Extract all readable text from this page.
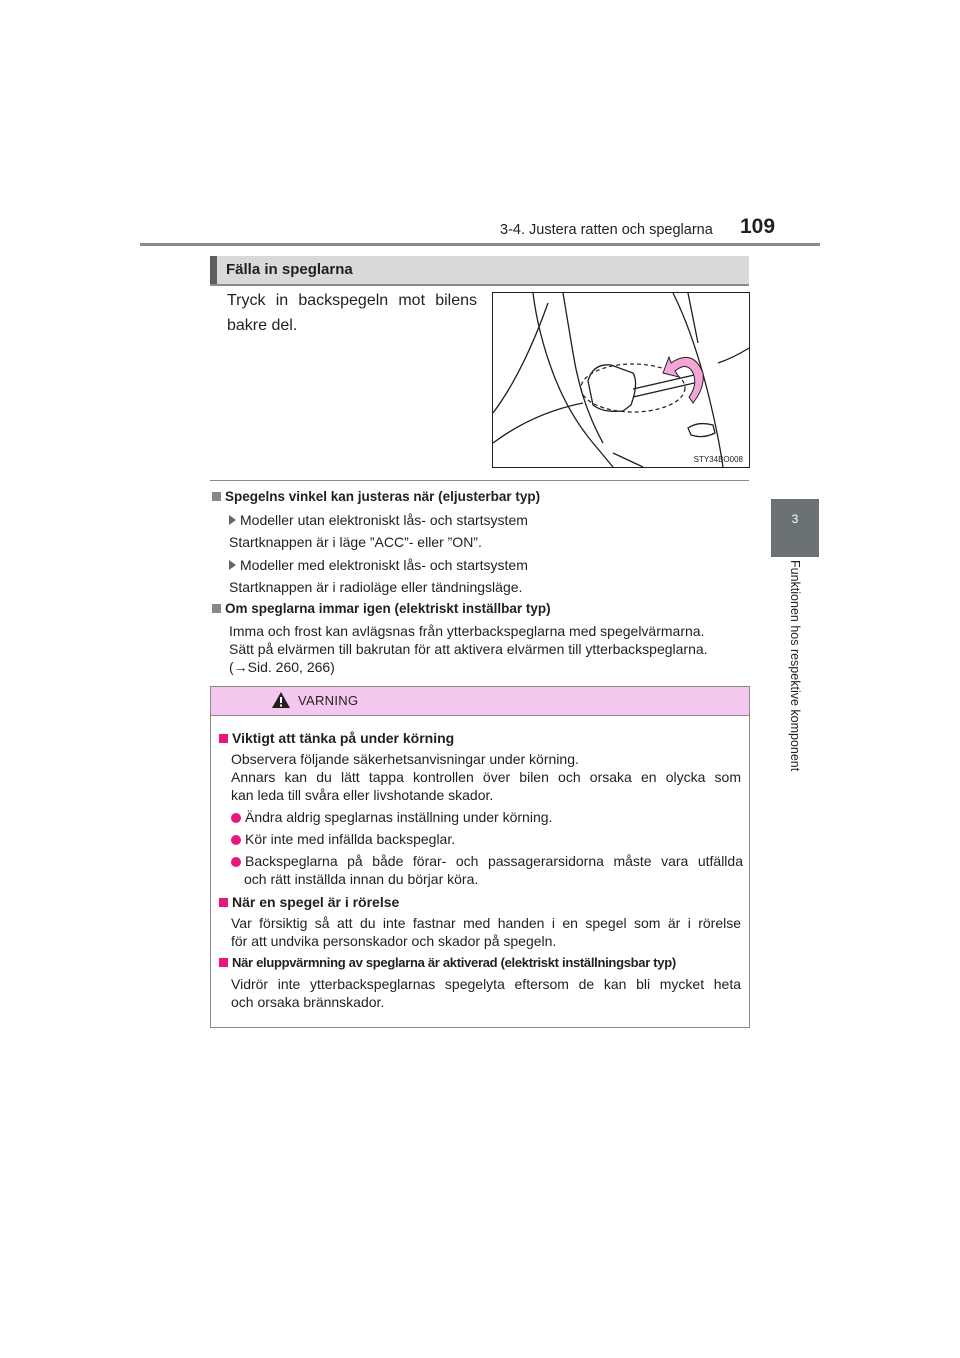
3-4. Justera ratten och speglarna 109
3
Funktionen hos respektive komponent
Fälla in speglarna
Tryck in backspegeln mot bilens bakre del.
STY34BO008
Spegelns vinkel kan justeras när (eljusterbar typ)
Modeller utan elektroniskt lås- och startsystem
Startknappen är i läge ”ACC”- eller ”ON”.
Modeller med elektroniskt lås- och startsystem
Startknappen är i radioläge eller tändningsläge.
Om speglarna immar igen (elektriskt inställbar typ)
Imma och frost kan avlägsnas från ytterbackspeglarna med spegelvärmarna.
Sätt på elvärmen till bakrutan för att aktivera elvärmen till ytterbackspeglarna.
(→Sid. 260, 266)
VARNING
Viktigt att tänka på under körning
Observera följande säkerhetsanvisningar under körning.
Annars kan du lätt tappa kontrollen över bilen och orsaka en olycka som
kan leda till svåra eller livshotande skador.
Ändra aldrig speglarnas inställning under körning.
Kör inte med infällda backspeglar.
Backspeglarna på både förar- och passagerarsidorna måste vara utfällda
och rätt inställda innan du börjar köra.
När en spegel är i rörelse
Var försiktig så att du inte fastnar med handen i en spegel som är i rörelse
för att undvika personskador och skador på spegeln.
När eluppvärmning av speglarna är aktiverad (elektriskt inställningsbar typ)
Vidrör inte ytterbackspeglarnas spegelyta eftersom de kan bli mycket heta
och orsaka brännskador.
